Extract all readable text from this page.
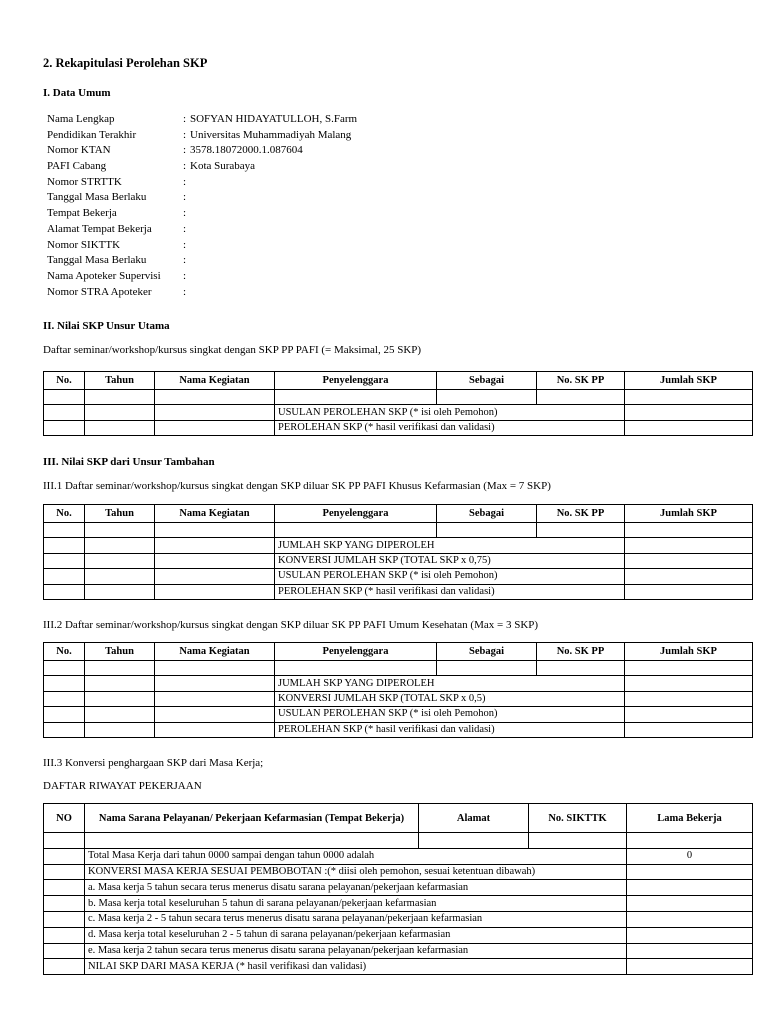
2. Rekapitulasi Perolehan SKP
I. Data Umum
Nama Lengkap	: SOFYAN HIDAYATULLOH, S.Farm
Pendidikan Terakhir	: Universitas Muhammadiyah Malang
Nomor KTAN	: 3578.18072000.1.087604
PAFI Cabang	: Kota Surabaya
Nomor STRTTK	:
Tanggal Masa Berlaku	:
Tempat Bekerja	:
Alamat Tempat Bekerja	:
Nomor SIKTTK	:
Tanggal Masa Berlaku	:
Nama Apoteker Supervisi :
Nomor STRA Apoteker	:
II. Nilai SKP Unsur Utama
Daftar seminar/workshop/kursus singkat dengan SKP PP PAFI (= Maksimal, 25 SKP)
No.	Tahun	Nama Kegiatan	Penyelenggara	Sebagai	No. SK PP	Jumlah SKP	

			USULAN PEROLEHAN SKP (* isi oleh Pemohon)		
			PEROLEHAN SKP (* hasil verifikasi dan validasi)		
III. Nilai SKP dari Unsur Tambahan
III.1 Daftar seminar/workshop/kursus singkat dengan SKP diluar SK PP PAFI Khusus Kefarmasian (Max = 7 SKP)
No.	Tahun	Nama Kegiatan	Penyelenggara	Sebagai	No. SK PP	Jumlah SKP	

			JUMLAH SKP YANG DIPEROLEH		
			KONVERSI JUMLAH SKP (TOTAL SKP x 0,75)		
			USULAN PEROLEHAN SKP (* isi oleh Pemohon)		
			PEROLEHAN SKP (* hasil verifikasi dan validasi)		
III.2 Daftar seminar/workshop/kursus singkat dengan SKP diluar SK PP PAFI Umum Kesehatan (Max = 3 SKP)
No.	Tahun	Nama Kegiatan	Penyelenggara	Sebagai	No. SK PP	Jumlah SKP	

			JUMLAH SKP YANG DIPEROLEH		
			KONVERSI JUMLAH SKP (TOTAL SKP x 0,5)		
			USULAN PEROLEHAN SKP (* isi oleh Pemohon)		
			PEROLEHAN SKP (* hasil verifikasi dan validasi)		
III.3 Konversi penghargaan SKP dari Masa Kerja;
DAFTAR RIWAYAT PEKERJAAN
NO	Nama Sarana Pelayanan/ Pekerjaan Kefarmasian (Tempat Bekerja)	Alamat	No. SIKTTK	Lama Bekerja

	Total Masa Kerja dari tahun 0000 sampai dengan tahun 0000 adalah			0
	KONVERSI MASA KERJA SESUAI PEMBOBOTAN :(* diisi oleh pemohon, sesuai ketentuan dibawah)			
	a. Masa kerja 5 tahun secara terus menerus disatu sarana pelayanan/pekerjaan kefarmasian			
	b. Masa kerja total keseluruhan 5 tahun di sarana pelayanan/pekerjaan kefarmasian			
	c. Masa kerja 2 - 5 tahun secara terus menerus disatu sarana pelayanan/pekerjaan kefarmasian			
	d. Masa kerja total keseluruhan 2 - 5 tahun di sarana pelayanan/pekerjaan kefarmasian			
	e. Masa kerja 2 tahun secara terus menerus disatu sarana pelayanan/pekerjaan kefarmasian			
	NILAI SKP DARI MASA KERJA (* hasil verifikasi dan validasi)			
